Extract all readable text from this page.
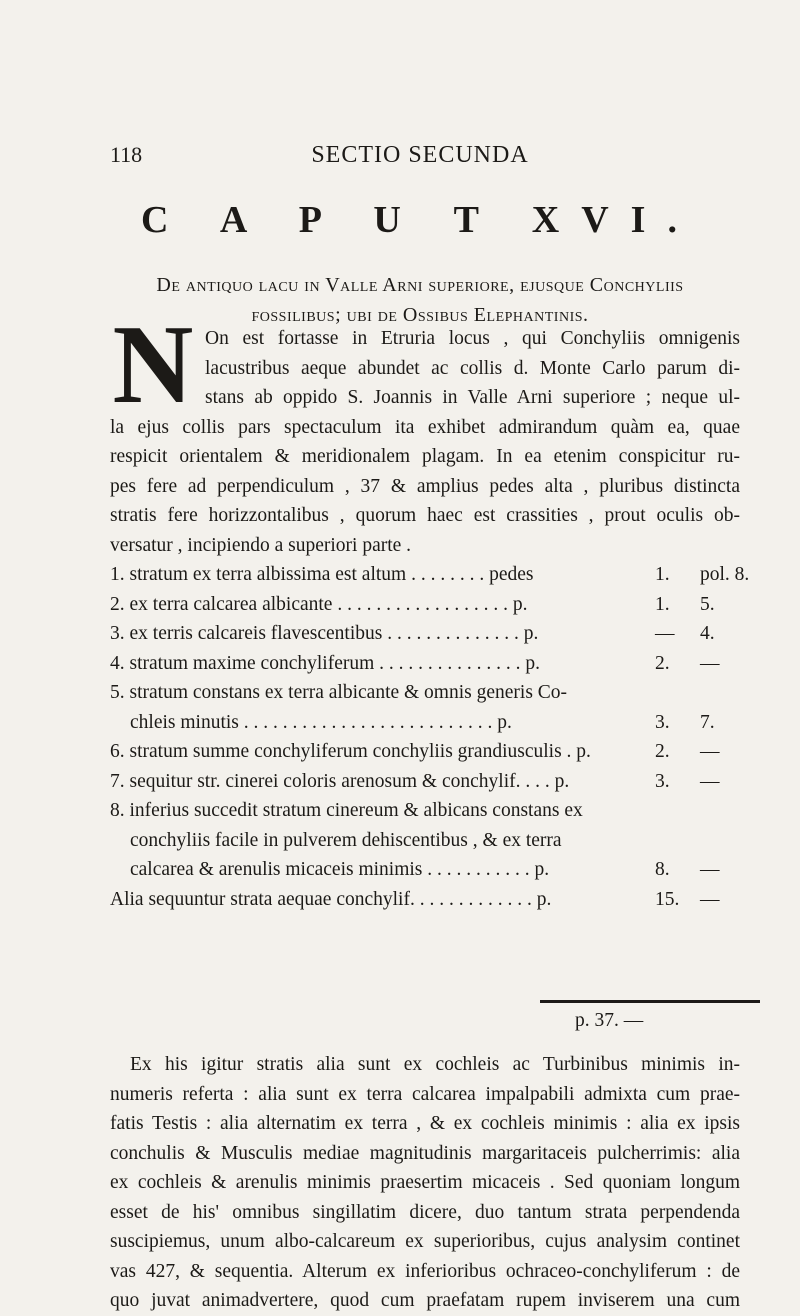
118	SECTIO SECUNDA
C A P U T XVI.
De antiquo lacu in Valle Arni superiore, ejusque Conchyliis
fossilibus; ubi de Ossibus Elephantinis.
N On est fortasse in Etruria locus , qui Conchyliis omnigenis
lacustribus aeque abundet ac collis d. Monte Carlo parum di-
stans ab oppido S. Joannis in Valle Arni superiore ; neque ul-
la ejus collis pars spectaculum ita exhibet admirandum quàm ea, quae
respicit orientalem & meridionalem plagam. In ea etenim conspicitur ru-
pes fere ad perpendiculum , 37 & amplius pedes alta , pluribus distincta
stratis fere horizzontalibus , quorum haec est crassities , prout oculis ob-
versatur , incipiendo a superiori parte .
1. stratum ex terra albissima est altum . . . . . . . . pedes	1.	pol. 8.
2. ex terra calcarea albicante . . . . . . . . . . . . . . . . . . p.	1.	5.
3. ex terris calcareis flavescentibus . . . . . . . . . . . . . . p.	—	4.
4. stratum maxime conchyliferum . . . . . . . . . . . . . . . p.	2.	—
5. stratum constans ex terra albicante & omnis generis Co-
chleis minutis . . . . . . . . . . . . . . . . . . . . . . . . . . p.	3.	7.
6. stratum summe conchyliferum conchyliis grandiusculis . p.	2.	—
7. sequitur str. cinerei coloris arenosum & conchylif. . . . p.	3.	—
8. inferius succedit stratum cinereum & albicans constans ex
conchyliis facile in pulverem dehiscentibus , & ex terra
calcarea & arenulis micaceis minimis . . . . . . . . . . . p.	8.	—
Alia sequuntur strata aequae conchylif. . . . . . . . . . . . . p.	15. —
p. 37. —
Ex his igitur stratis alia sunt ex cochleis ac Turbinibus minimis in-
numeris referta : alia sunt ex terra calcarea impalpabili admixta cum prae-
fatis Testis : alia alternatim ex terra , & ex cochleis minimis : alia ex ipsis
conchulis & Musculis mediae magnitudinis margaritaceis pulcherrimis: alia
ex cochleis & arenulis minimis praesertim micaceis . Sed quoniam longum
esset de his' omnibus singillatim dicere, duo tantum strata perpendenda
suscipiemus, unum albo-calcareum ex superioribus, cujus analysim continet
vas 427, & sequentia. Alterum ex inferioribus ochraceo-conchyliferum : de
quo juvat animadvertere, quod cum praefatam rupem inviserem una cum
